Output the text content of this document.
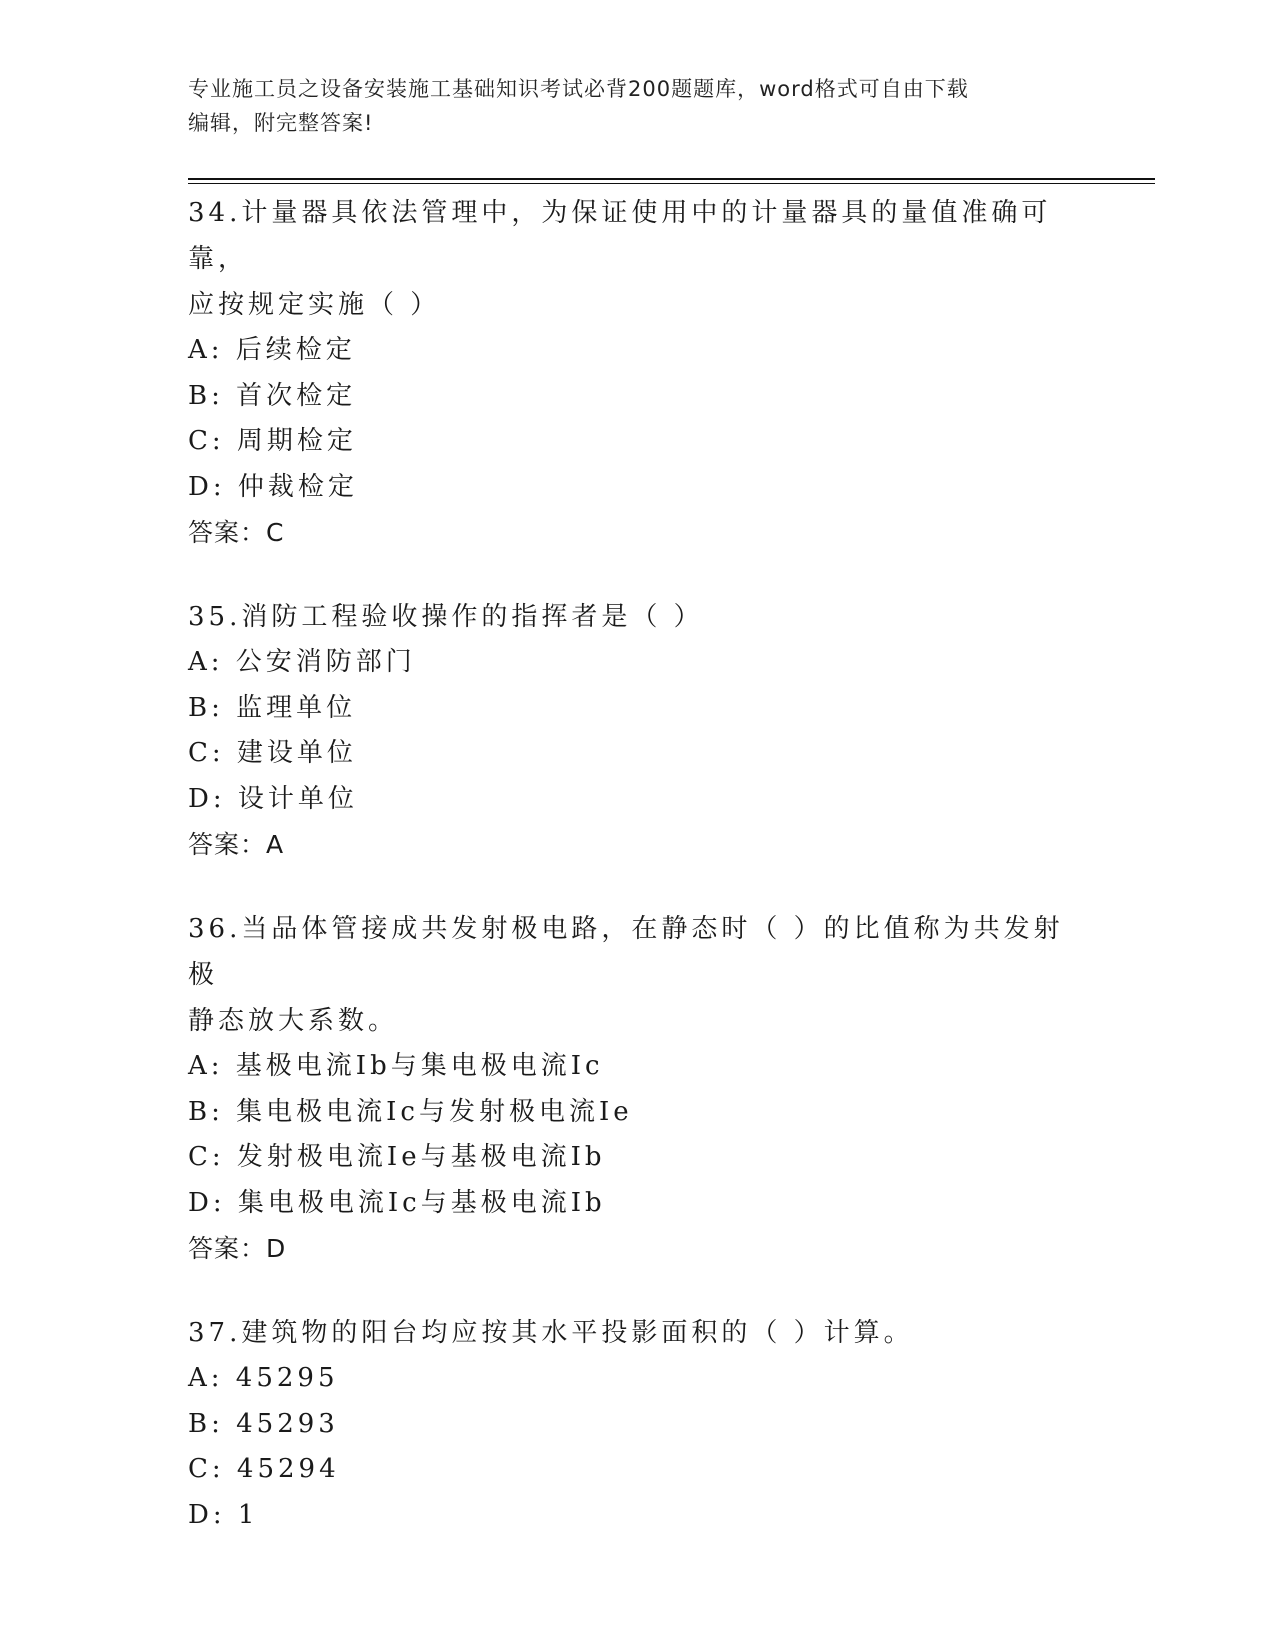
专业施工员之设备安装施工基础知识考试必背200题题库，word格式可自由下载
编辑，附完整答案!

34.计量器具依法管理中，为保证使用中的计量器具的量值准确可靠，
应按规定实施（ ）

A: 后续检定
B: 首次检定
C: 周期检定
D: 仲裁检定
答案：C

35.消防工程验收操作的指挥者是（ ）

A: 公安消防部门
B: 监理单位
C: 建设单位
D: 设计单位
答案：A

36.当品体管接成共发射极电路，在静态时（ ）的比值称为共发射极
静态放大系数。

A: 基极电流Ib与集电极电流Ic
B: 集电极电流Ic与发射极电流Ie
C: 发射极电流Ie与基极电流Ib
D: 集电极电流Ic与基极电流Ib
答案：D

37.建筑物的阳台均应按其水平投影面积的（ ）计算。

A: 45295
B: 45293
C: 45294
D: 1
